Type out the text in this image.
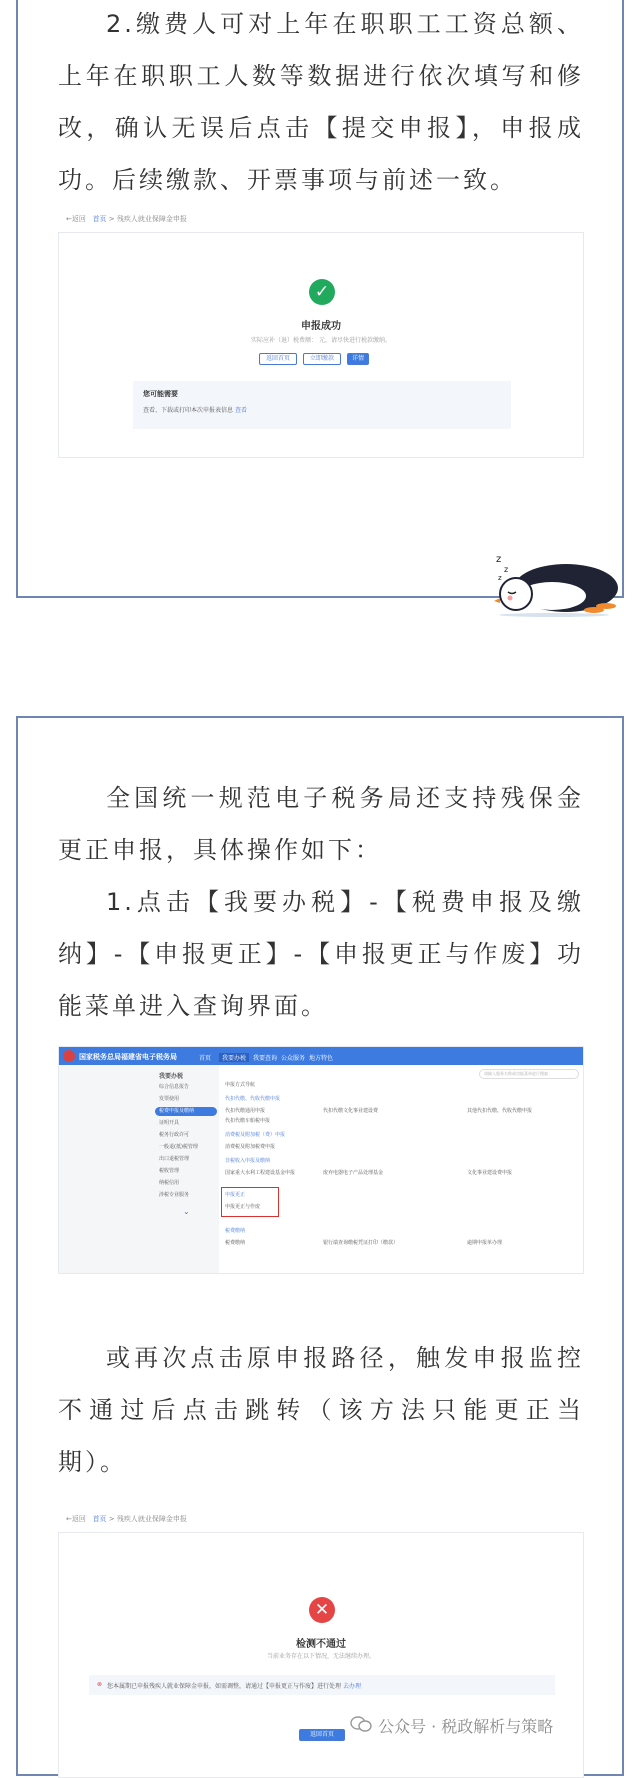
2.缴费人可对上年在职职工工资总额、上年在职职工人数等数据进行依次填写和修改，确认无误后点击【提交申报】，申报成功。后续缴款、开票事项与前述一致。
←返回 首页 > 残疾人就业保障金申报
✓
申报成功
实际应补（退）税费额： 元，请尽快进行税款缴纳。
返回首页	立即缴款	详情
您可能需要
查看、下载或打印本次申报表信息 查看
z
z
z
全国统一规范电子税务局还支持残保金更正申报，具体操作如下：
1.点击【我要办税】-【税费申报及缴纳】-【申报更正】-【申报更正与作废】功能菜单进入查询界面。
国家税务总局福建省电子税务局	首页	我要办税	我要查询 公众服务 地方特色
我要办税
综合信息报告
发票使用
税费申报及缴纳
证明开具
税务行政许可
一般退(抵)税管理
出口退税管理
税收管理
纳税信用
涉税专业服务
⌄
请输入服务名称或功能菜单进行搜索
申报方式导航
代扣代缴、代收代缴申报
代扣代缴通用申报	代扣代缴文化事业建设费	其他代扣代缴、代收代缴申报
代扣代缴车船税申报
消费税及附加税（费）申报
消费税及附加税费申报
非税收入申报及缴纳
国家重大水利工程建设基金申报	废弃电器电子产品处理基金	文化事业建设费申报
申报更正
申报更正与作废
税费缴纳
税费缴纳	银行端查询缴税凭证打印（缴款）	逾期申报单办理
或再次点击原申报路径，触发申报监控不通过后点击跳转（该方法只能更正当期）。
←返回 首页 > 残疾人就业保障金申报
✕
检测不通过
当前业务存在以下情况，无法继续办理。
⊗ 您本属期已申报残疾人就业保障金申报，如需调整，请通过【申报更正与作废】进行处理 去办理
返回首页	公众号 · 税政解析与策略
